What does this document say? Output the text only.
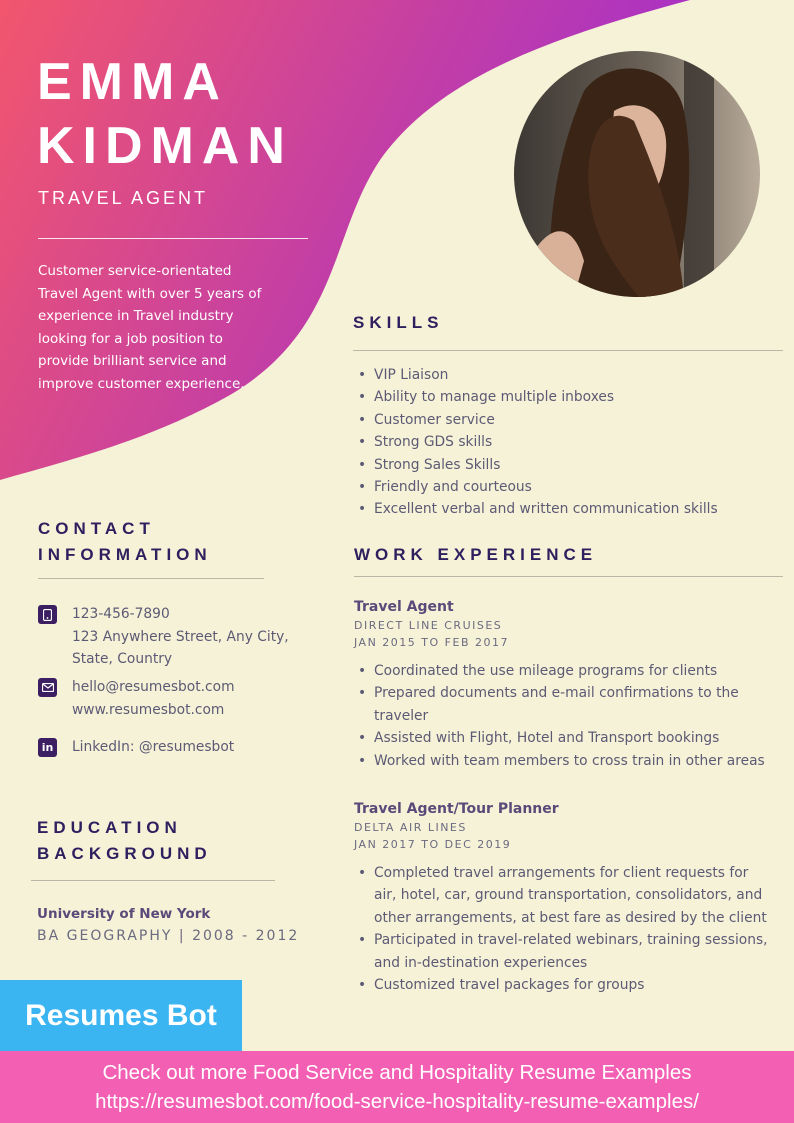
EMMA
KIDMAN
TRAVEL AGENT

Customer service-orientated Travel Agent with over 5 years of experience in Travel industry looking for a job position to provide brilliant service and improve customer experience.

SKILLS
• VIP Liaison
• Ability to manage multiple inboxes
• Customer service
• Strong GDS skills
• Strong Sales Skills
• Friendly and courteous
• Excellent verbal and written communication skills
CONTACT
INFORMATION
123-456-7890
123 Anywhere Street, Any City,
State, Country
hello@resumesbot.com
www.resumesbot.com
in LinkedIn: @resumesbot
WORK EXPERIENCE
Travel Agent
DIRECT LINE CRUISES
JAN 2015 TO FEB 2017
• Coordinated the use mileage programs for clients
• Prepared documents and e-mail confirmations to the traveler
• Assisted with Flight, Hotel and Transport bookings
• Worked with team members to cross train in other areas
Travel Agent/Tour Planner
DELTA AIR LINES
JAN 2017 TO DEC 2019
• Completed travel arrangements for client requests for air, hotel, car, ground transportation, consolidators, and other arrangements, at best fare as desired by the client
• Participated in travel-related webinars, training sessions, and in-destination experiences
• Customized travel packages for groups
EDUCATION
BACKGROUND
University of New York
BA GEOGRAPHY | 2008 - 2012
Resumes Bot
Check out more Food Service and Hospitality Resume Examples
https://resumesbot.com/food-service-hospitality-resume-examples/
